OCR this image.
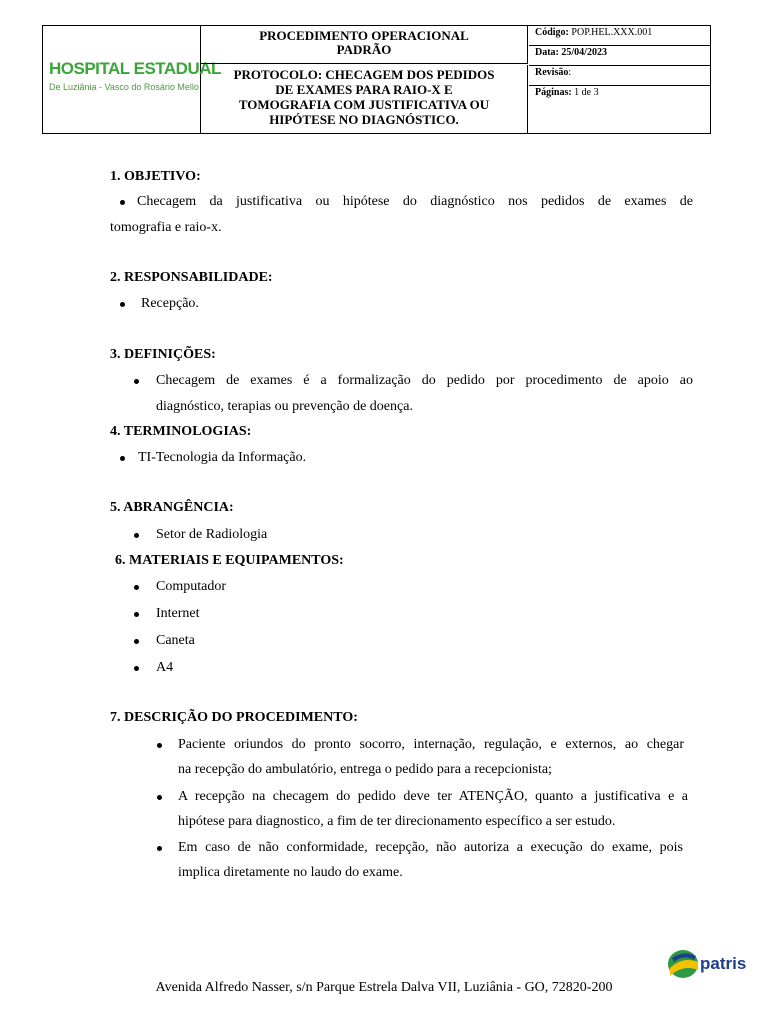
HOSPITAL ESTADUAL
De Luziânia - Vasco do Rosário Mello
PROCEDIMENTO OPERACIONAL
PADRÃO
PROTOCOLO: CHECAGEM DOS PEDIDOS
DE EXAMES PARA RAIO-X E
TOMOGRAFIA COM JUSTIFICATIVA OU
HIPÓTESE NO DIAGNÓSTICO.
Código: POP.HEL.XXX.001
Data: 25/04/2023
Revisão:
Páginas: 1 de 3
1. OBJETIVO:
Checagem da justificativa ou hipótese do diagnóstico nos pedidos de exames de
tomografia e raio-x.
2. RESPONSABILIDADE:
Recepção.
3. DEFINIÇÕES:
Checagem de exames é a formalização do pedido por procedimento de apoio ao
diagnóstico, terapias ou prevenção de doença.
4. TERMINOLOGIAS:
TI-Tecnologia da Informação.
5. ABRANGÊNCIA:
Setor de Radiologia
6. MATERIAIS E EQUIPAMENTOS:
Computador
Internet
Caneta
A4
7. DESCRIÇÃO DO PROCEDIMENTO:
Paciente oriundos do pronto socorro, internação, regulação, e externos, ao chegar
na recepção do ambulatório, entrega o pedido para a recepcionista;
A recepção na checagem do pedido deve ter ATENÇÃO, quanto a justificativa e a
hipótese para diagnostico, a fim de ter direcionamento específico a ser estudo.
Em caso de não conformidade, recepção, não autoriza a execução do exame, pois
implica diretamente no laudo do exame.
patris
Avenida Alfredo Nasser, s/n Parque Estrela Dalva VII, Luziânia - GO, 72820-200
